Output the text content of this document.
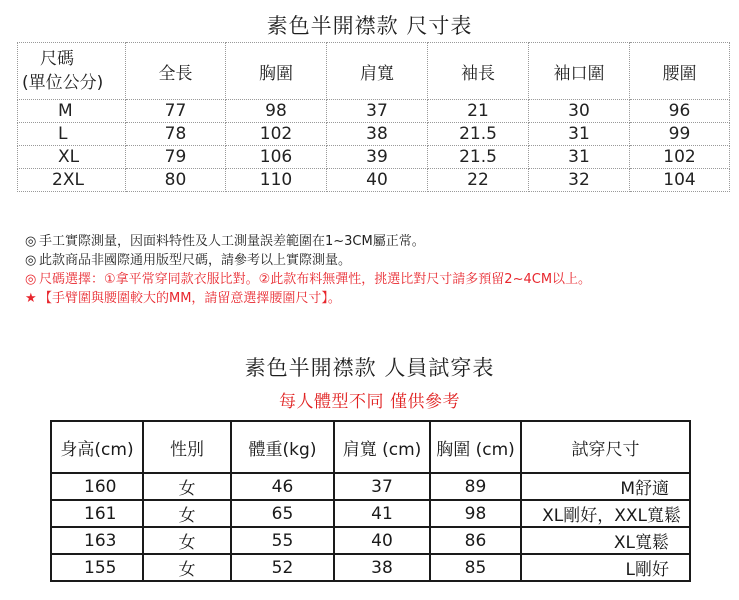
素色半開襟款 尺寸表
尺碼
(單位公分)	全長	胸圍	肩寬	袖長	袖口圍	腰圍
M	77	98	37	21	30	96
L	78	102	38	21.5	31	99
XL	79	106	39	21.5	31	102
2XL	80	110	40	22	32	104
◎ 手工實際測量，因面料特性及人工測量誤差範圍在1~3CM屬正常。
◎ 此款商品非國際通用版型尺碼，請參考以上實際測量。
◎ 尺碼選擇：①拿平常穿同款衣服比對。②此款布料無彈性，挑選比對尺寸請多預留2~4CM以上。
★ 【手臂圍與腰圍較大的MM，請留意選擇腰圍尺寸】。
素色半開襟款 人員試穿表
每人體型不同 僅供參考
身高(cm)	性別	體重(kg)	肩寬 (cm)	胸圍 (cm)	試穿尺寸
160	女	46	37	89	M舒適
161	女	65	41	98	XL剛好，XXL寬鬆
163	女	55	40	86	XL寬鬆
155	女	52	38	85	L剛好
